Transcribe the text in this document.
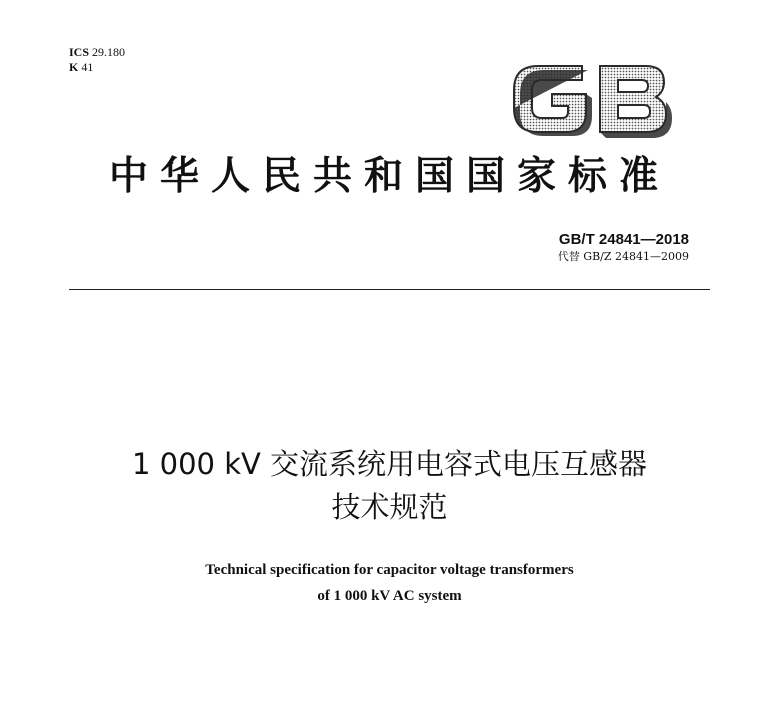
ICS 29.180
K 41
中华人民共和国国家标准
GB/T 24841—2018
代替 GB/Z 24841—2009
1 000 kV 交流系统用电容式电压互感器
技术规范
Technical specification for capacitor voltage transformers
of 1 000 kV AC system
